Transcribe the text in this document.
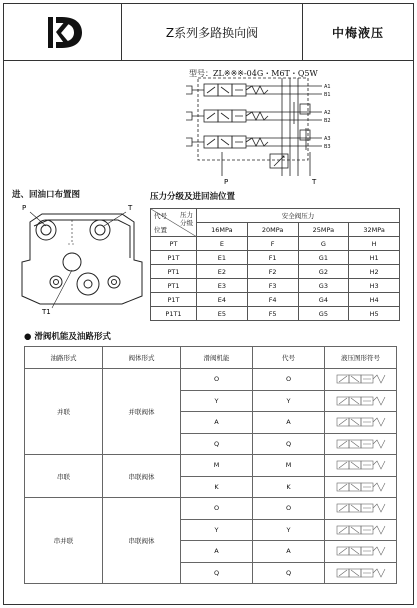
Z系列多路换向阀	中梅液压
型号：ZL※※※-04G・M6T・Q5W
P	T
A1
B1
A2
B2
A3
B3
进、回油口布置图
P	T
T1
压力分级及进回油位置
代号 压力
分级
位置	安全阀压力			
	16MPa	20MPa	25MPa	32MPa
PT	E	F	G	H
P1T	E1	F1	G1	H1
PT1	E2	F2	G2	H2
PT1	E3	F3	G3	H3
P1T	E4	F4	G4	H4
P1T1	E5	F5	G5	H5
● 滑阀机能及油路形式
油路形式	阀体形式	滑阀机能	代号	液压图形符号
并联	并联阀体	O	O	
		Y	Y	
		A	A	
		Q	Q	
串联	串联阀体	M	M	
		K	K	
串并联	串联阀体	O	O	
		Y	Y	
		A	A	
		Q	Q	
